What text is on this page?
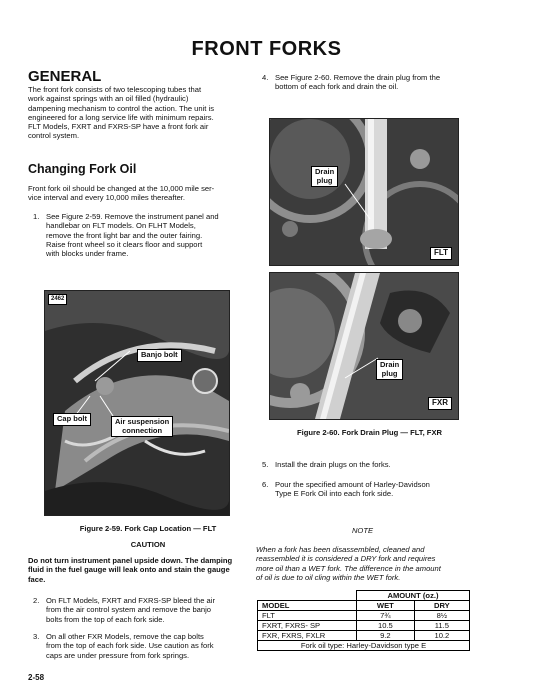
FRONT FORKS
GENERAL
The front fork consists of two telescoping tubes that
work against springs with an oil filled (hydraulic)
dampening mechanism to control the action. The unit is
engineered for a long service life with minimum repairs.
FLT Models, FXRT and FXRS-SP have a front fork air
control system.
Changing Fork Oil
Front fork oil should be changed at the 10,000 mile ser-
vice interval and every 10,000 miles thereafter.
1. See Figure 2-59. Remove the instrument panel and
handlebar on FLT models. On FLHT Models,
remove the front light bar and the outer fairing.
Raise front wheel so it clears floor and support
with blocks under frame.
2462
Banjo bolt
Cap bolt	Air suspension
connection
Figure 2-59. Fork Cap Location — FLT
CAUTION
Do not turn instrument panel upside down. The damping
fluid in the fuel gauge will leak onto and stain the gauge
face.
2. On FLT Models, FXRT and FXRS-SP bleed the air
from the air control system and remove the banjo
bolts from the top of each fork side.
3. On all other FXR Models, remove the cap bolts
from the top of each fork side. Use caution as fork
caps are under pressure from fork springs.
2-58
4. See Figure 2-60. Remove the drain plug from the
bottom of each fork and drain the oil.
Drain
plug
FLT
Drain
plug
FXR
Figure 2-60. Fork Drain Plug — FLT, FXR
5. Install the drain plugs on the forks.
6. Pour the specified amount of Harley-Davidson
Type E Fork Oil into each fork side.
NOTE
When a fork has been disassembled, cleaned and
reassembled it is considered a DRY fork and requires
more oil than a WET fork. The difference in the amount
of oil is due to oil cling within the WET fork.
	AMOUNT (oz.)	
MODEL	WET	DRY
FLT	7¾	8½
FXRT, FXRS- SP	10.5	11.5
FXR, FXRS, FXLR	9.2	10.2
Fork oil type: Harley-Davidson type E		
